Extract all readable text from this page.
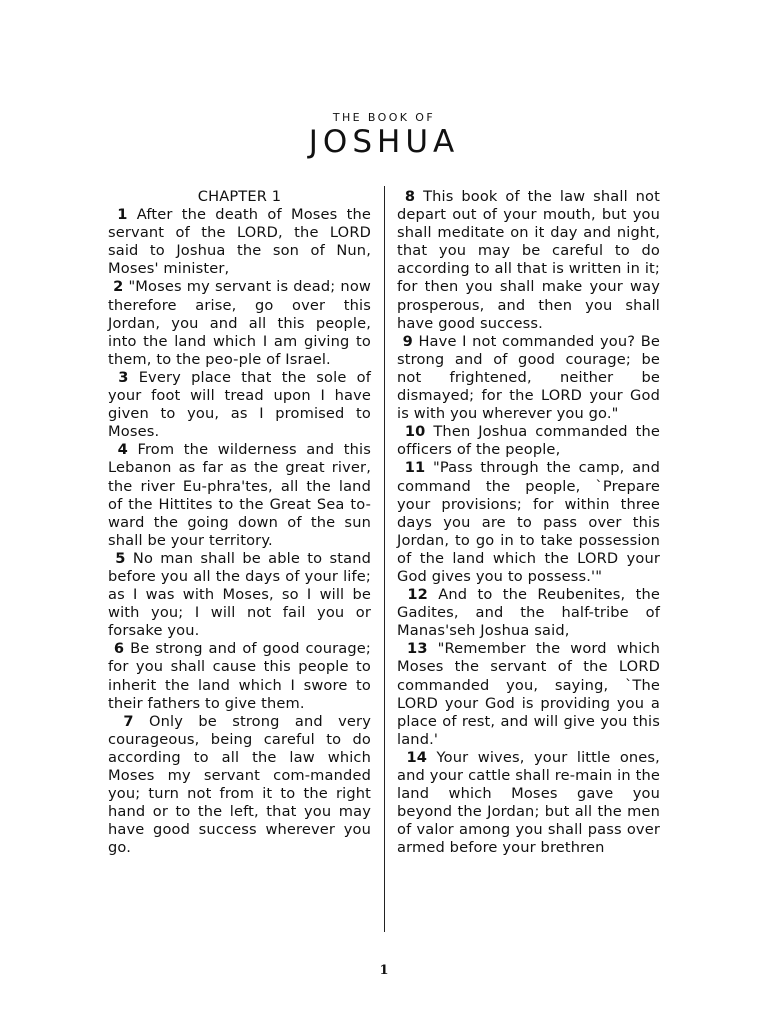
THE BOOK OF
JOSHUA

CHAPTER 1

1 After the death of Moses the servant of the LORD, the LORD said to Joshua the son of Nun, Moses' minister,

2 "Moses my servant is dead; now therefore arise, go over this Jordan, you and all this people, into the land which I am giving to them, to the peo-ple of Israel.

3 Every place that the sole of your foot will tread upon I have given to you, as I promised to Moses.

4 From the wilderness and this Lebanon as far as the great river, the river Eu-phra'tes, all the land of the Hittites to the Great Sea to-ward the going down of the sun shall be your territory.

5 No man shall be able to stand before you all the days of your life; as I was with Moses, so I will be with you; I will not fail you or forsake you.

6 Be strong and of good courage; for you shall cause this people to inherit the land which I swore to their fathers to give them.

7 Only be strong and very courageous, being careful to do according to all the law which Moses my servant com-manded you; turn not from it to the right hand or to the left, that you may have good success wherever you go.

8 This book of the law shall not depart out of your mouth, but you shall meditate on it day and night, that you may be careful to do according to all that is written in it; for then you shall make your way prosperous, and then you shall have good success.

9 Have I not commanded you? Be strong and of good courage; be not frightened, neither be dismayed; for the LORD your God is with you wherever you go."

10 Then Joshua commanded the officers of the people,

11 "Pass through the camp, and command the people, `Prepare your provisions; for within three days you are to pass over this Jordan, to go in to take possession of the land which the LORD your God gives you to possess.'"

12 And to the Reubenites, the Gadites, and the half-tribe of Manas'seh Joshua said,

13 "Remember the word which Moses the servant of the LORD commanded you, saying, `The LORD your God is providing you a place of rest, and will give you this land.'

14 Your wives, your little ones, and your cattle shall re-main in the land which Moses gave you beyond the Jordan; but all the men of valor among you shall pass over armed before your brethren

1
